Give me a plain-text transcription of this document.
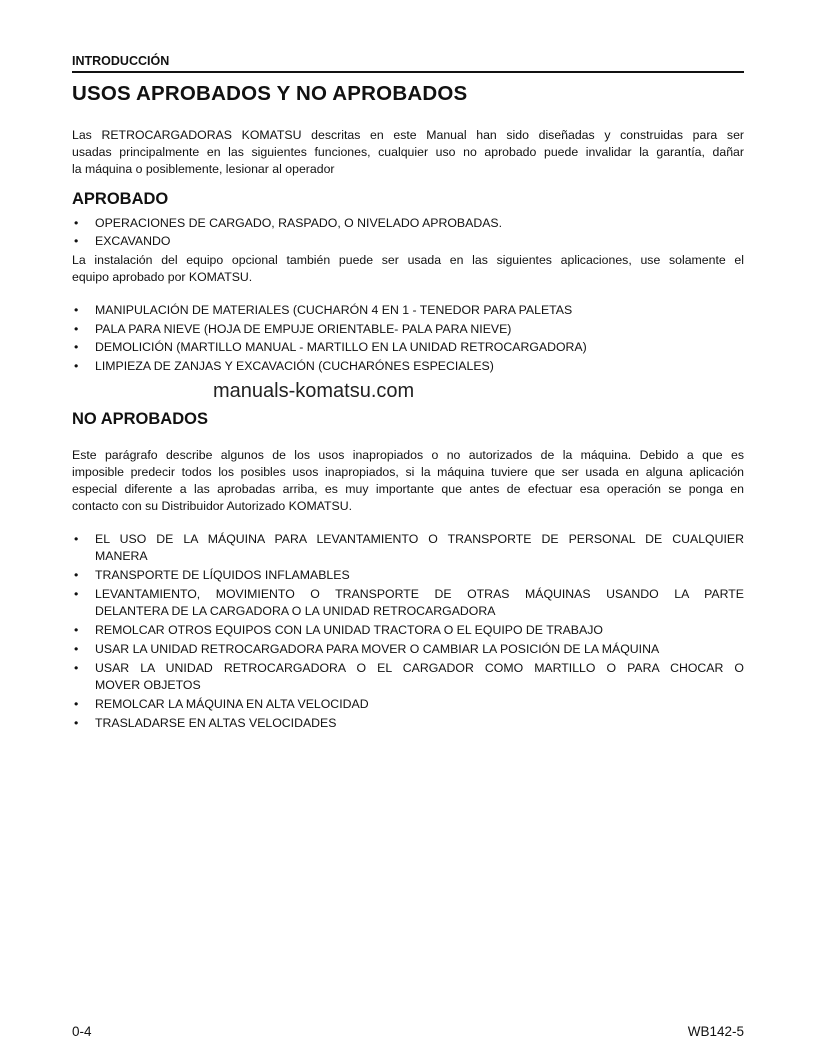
INTRODUCCIÓN
USOS APROBADOS Y NO APROBADOS
Las RETROCARGADORAS KOMATSU descritas en este Manual han sido diseñadas y construidas para ser
usadas principalmente en las siguientes funciones, cualquier uso no aprobado puede invalidar la garantía, dañar
la máquina o posiblemente, lesionar al operador
APROBADO
• OPERACIONES DE CARGADO, RASPADO, O NIVELADO APROBADAS.
• EXCAVANDO
La instalación del equipo opcional también puede ser usada en las siguientes aplicaciones, use solamente el
equipo aprobado por KOMATSU.
• MANIPULACIÓN DE MATERIALES (CUCHARÓN 4 EN 1 - TENEDOR PARA PALETAS
• PALA PARA NIEVE (HOJA DE EMPUJE ORIENTABLE- PALA PARA NIEVE)
• DEMOLICIÓN (MARTILLO MANUAL - MARTILLO EN LA UNIDAD RETROCARGADORA)
• LIMPIEZA DE ZANJAS Y EXCAVACIÓN (CUCHARÓNES ESPECIALES)
manuals-komatsu.com
NO APROBADOS
Este parágrafo describe algunos de los usos inapropiados o no autorizados de la máquina. Debido a que es
imposible predecir todos los posibles usos inapropiados, si la máquina tuviere que ser usada en alguna aplicación
especial diferente a las aprobadas arriba, es muy importante que antes de efectuar esa operación se ponga en
contacto con su Distribuidor Autorizado KOMATSU.
• EL USO DE LA MÁQUINA PARA LEVANTAMIENTO O TRANSPORTE DE PERSONAL DE CUALQUIER
MANERA
• TRANSPORTE DE LÍQUIDOS INFLAMABLES
• LEVANTAMIENTO, MOVIMIENTO O TRANSPORTE DE OTRAS MÁQUINAS USANDO LA PARTE
DELANTERA DE LA CARGADORA O LA UNIDAD RETROCARGADORA
• REMOLCAR OTROS EQUIPOS CON LA UNIDAD TRACTORA O EL EQUIPO DE TRABAJO
• USAR LA UNIDAD RETROCARGADORA PARA MOVER O CAMBIAR LA POSICIÓN DE LA MÁQUINA
• USAR LA UNIDAD RETROCARGADORA O EL CARGADOR COMO MARTILLO O PARA CHOCAR O
MOVER OBJETOS
• REMOLCAR LA MÁQUINA EN ALTA VELOCIDAD
• TRASLADARSE EN ALTAS VELOCIDADES
0-4	WB142-5
